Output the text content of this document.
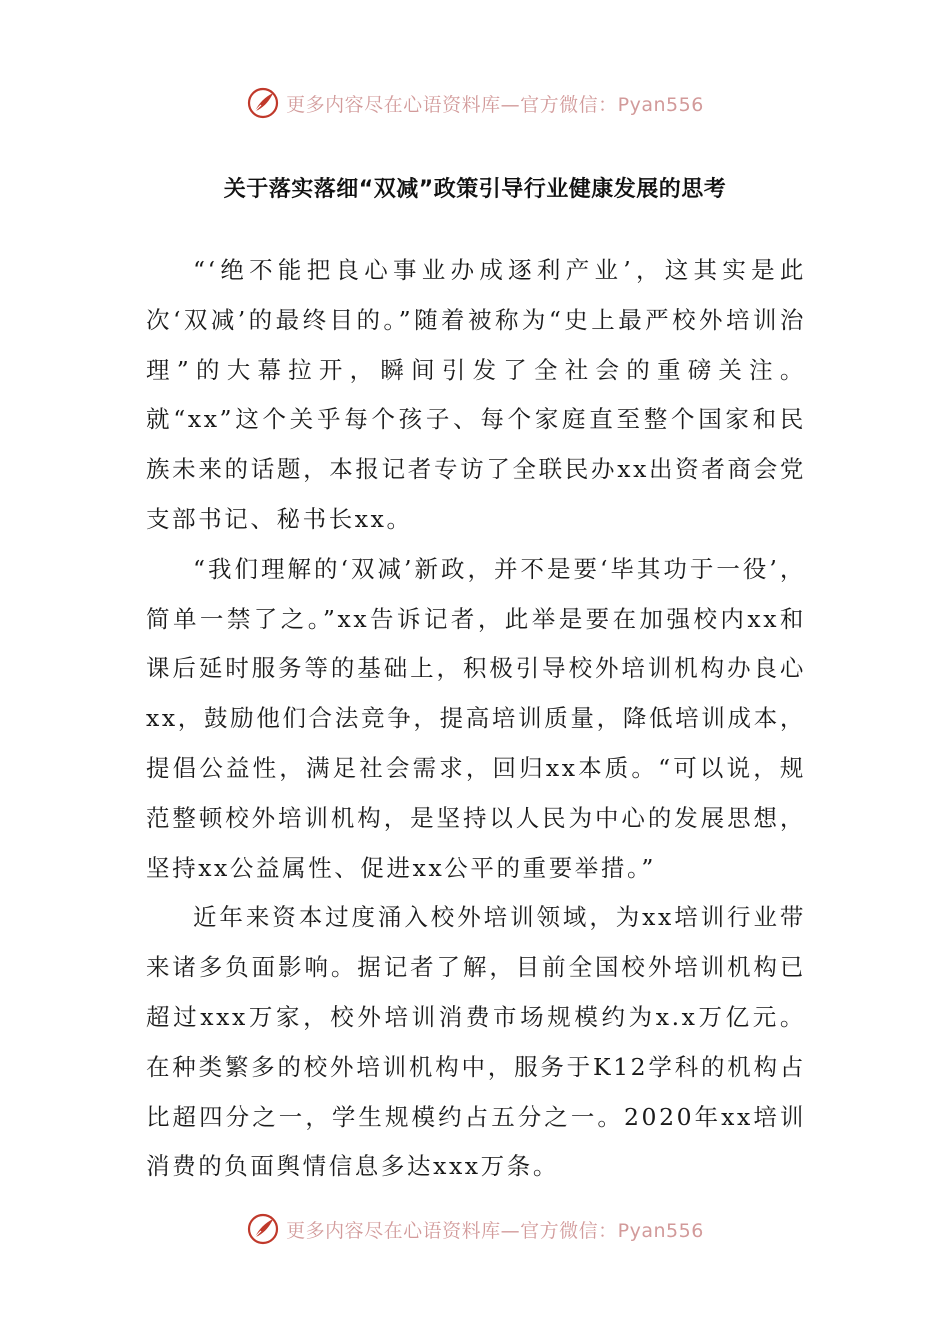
更多内容尽在心语资料库—官方微信：Pyan556
关于落实落细“双减”政策引导行业健康发展的思考

“‘绝不能把良心事业办成逐利产业’，这其实是此次‘双减’的最终目的。”随着被称为“史上最严校外培训治理”的大幕拉开，瞬间引发了全社会的重磅关注。就“xx”这个关乎每个孩子、每个家庭直至整个国家和民族未来的话题，本报记者专访了全联民办xx出资者商会党支部书记、秘书长xx。

“我们理解的‘双减’新政，并不是要‘毕其功于一役’，简单一禁了之。”xx告诉记者，此举是要在加强校内xx和课后延时服务等的基础上，积极引导校外培训机构办良心xx，鼓励他们合法竞争，提高培训质量，降低培训成本，提倡公益性，满足社会需求，回归xx本质。“可以说，规范整顿校外培训机构，是坚持以人民为中心的发展思想，坚持xx公益属性、促进xx公平的重要举措。”

近年来资本过度涌入校外培训领域，为xx培训行业带来诸多负面影响。据记者了解，目前全国校外培训机构已超过xxx万家，校外培训消费市场规模约为x.x万亿元。在种类繁多的校外培训机构中，服务于K12学科的机构占比超四分之一，学生规模约占五分之一。2020年xx培训消费的负面舆情信息多达xxx万条。

更多内容尽在心语资料库—官方微信：Pyan556
